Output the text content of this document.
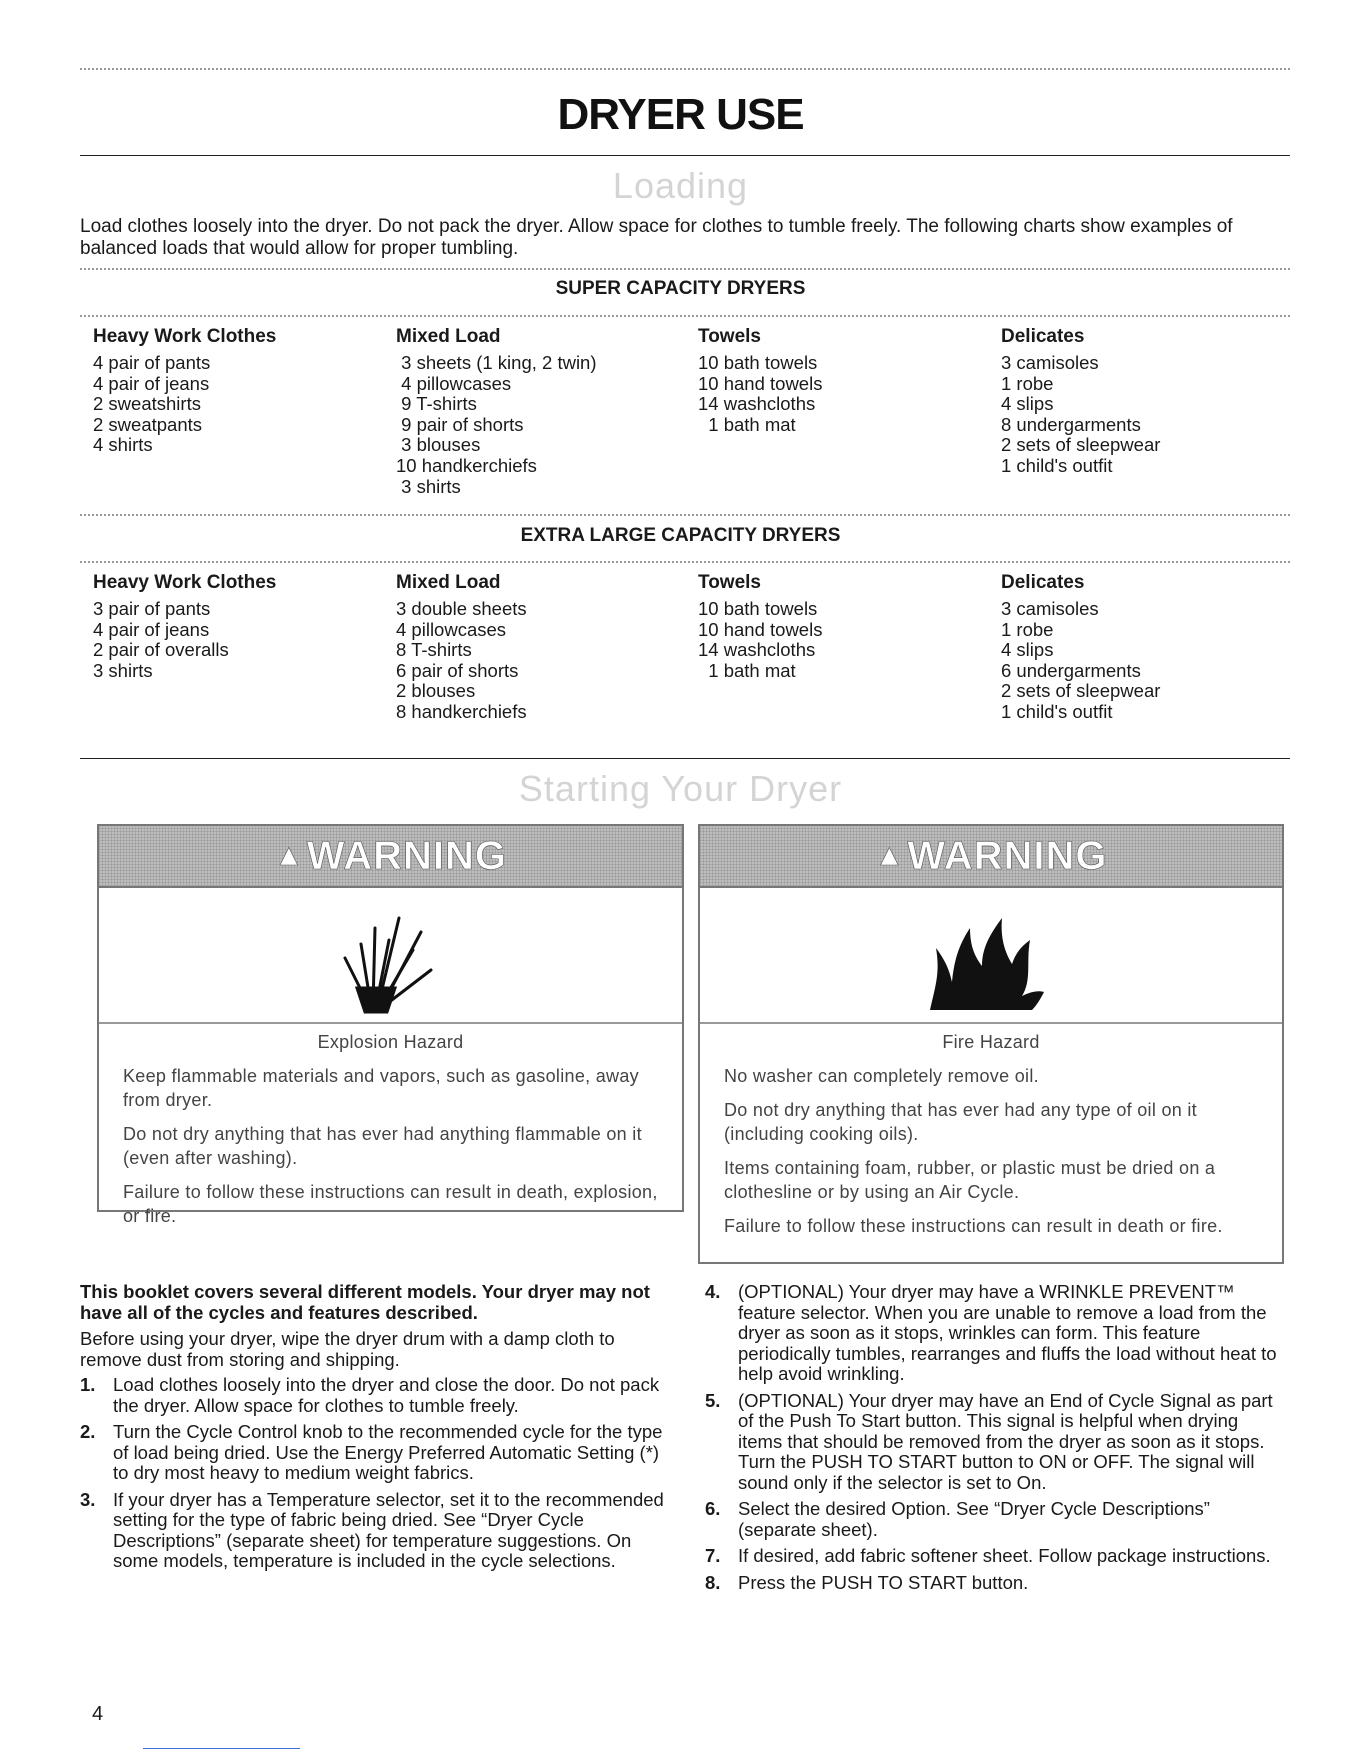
DRYER USE
Loading
Load clothes loosely into the dryer. Do not pack the dryer. Allow space for clothes to tumble freely. The following charts show examples of balanced loads that would allow for proper tumbling.
SUPER CAPACITY DRYERS
Heavy Work Clothes
4 pair of pants
4 pair of jeans
2 sweatshirts
2 sweatpants
4 shirts
Mixed Load
3 sheets (1 king, 2 twin)
4 pillowcases
9 T-shirts
9 pair of shorts
3 blouses
10 handkerchiefs
3 shirts
Towels
10 bath towels
10 hand towels
14 washcloths
1 bath mat
Delicates
3 camisoles
1 robe
4 slips
8 undergarments
2 sets of sleepwear
1 child's outfit
EXTRA LARGE CAPACITY DRYERS
Heavy Work Clothes
3 pair of pants
4 pair of jeans
2 pair of overalls
3 shirts
Mixed Load
3 double sheets
4 pillowcases
8 T-shirts
6 pair of shorts
2 blouses
8 handkerchiefs
Towels
10 bath towels
10 hand towels
14 washcloths
1 bath mat
Delicates
3 camisoles
1 robe
4 slips
6 undergarments
2 sets of sleepwear
1 child's outfit
Starting Your Dryer
▲WARNING
Explosion Hazard

Keep flammable materials and vapors, such as gasoline, away from dryer.

Do not dry anything that has ever had anything flammable on it (even after washing).

Failure to follow these instructions can result in death, explosion, or fire.

▲WARNING
Fire Hazard

No washer can completely remove oil.

Do not dry anything that has ever had any type of oil on it (including cooking oils).

Items containing foam, rubber, or plastic must be dried on a clothesline or by using an Air Cycle.

Failure to follow these instructions can result in death or fire.

This booklet covers several different models. Your dryer may not have all of the cycles and features described.

Before using your dryer, wipe the dryer drum with a damp cloth to remove dust from storing and shipping.

1. Load clothes loosely into the dryer and close the door. Do not pack the dryer. Allow space for clothes to tumble freely.
2. Turn the Cycle Control knob to the recommended cycle for the type of load being dried. Use the Energy Preferred Automatic Setting (*) to dry most heavy to medium weight fabrics.
3. If your dryer has a Temperature selector, set it to the recommended setting for the type of fabric being dried. See “Dryer Cycle Descriptions” (separate sheet) for temperature suggestions. On some models, temperature is included in the cycle selections.
4. (OPTIONAL) Your dryer may have a WRINKLE PREVENT™ feature selector. When you are unable to remove a load from the dryer as soon as it stops, wrinkles can form. This feature periodically tumbles, rearranges and fluffs the load without heat to help avoid wrinkling.
5. (OPTIONAL) Your dryer may have an End of Cycle Signal as part of the Push To Start button. This signal is helpful when drying items that should be removed from the dryer as soon as it stops. Turn the PUSH TO START button to ON or OFF. The signal will sound only if the selector is set to On.
6. Select the desired Option. See “Dryer Cycle Descriptions” (separate sheet).
7. If desired, add fabric softener sheet. Follow package instructions.
8. Press the PUSH TO START button.
4
